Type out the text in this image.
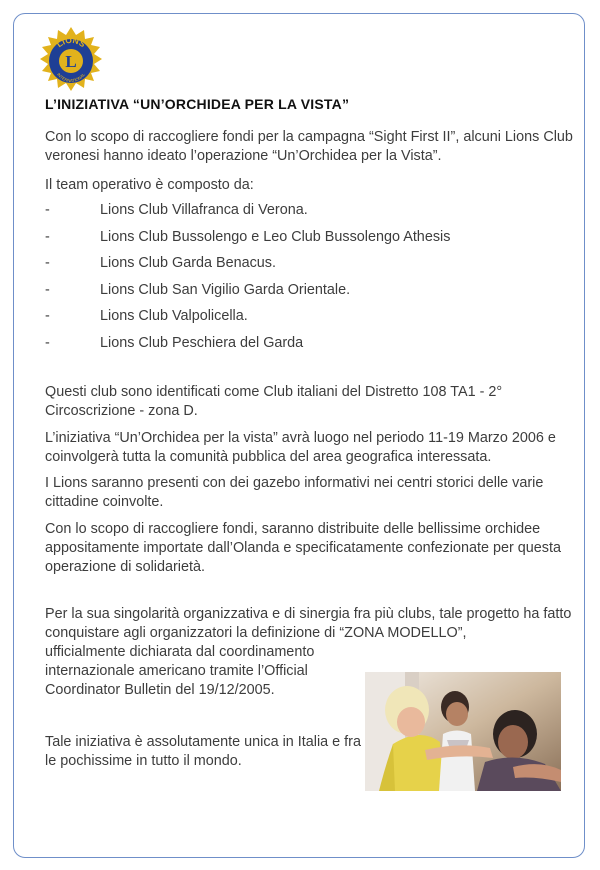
LIONS
INTERNATIONAL
L
L’INIZIATIVA “UN’ORCHIDEA PER LA VISTA”
Con lo scopo di raccogliere fondi per la campagna “Sight First II”, alcuni Lions Club veronesi hanno ideato l’operazione “Un’Orchidea per la Vista”.
Il team operativo è composto da:
-	Lions Club Villafranca di Verona.
-	Lions Club Bussolengo e Leo Club Bussolengo Athesis
-	Lions Club Garda Benacus.
-	Lions Club San Vigilio Garda Orientale.
-	Lions Club Valpolicella.
-	Lions Club Peschiera del Garda
Questi club sono identificati come Club italiani del Distretto 108 TA1 - 2° Circoscrizione - zona D.
L’iniziativa “Un’Orchidea per la vista” avrà luogo nel periodo 11-19 Marzo 2006 e coinvolgerà tutta la comunità pubblica del area geografica interessata.
I Lions saranno presenti con dei gazebo informativi nei centri storici delle varie cittadine coinvolte.
Con lo scopo di raccogliere fondi, saranno distribuite delle bellissime orchidee appositamente importate dall’Olanda e specificatamente confezionate per questa operazione di solidarietà.
Per la sua singolarità organizzativa e di sinergia fra più clubs, tale progetto ha fatto conquistare agli organizzatori la definizione di “ZONA MODELLO”,
ufficialmente dichiarata dal coordinamento internazionale americano tramite l’Official Coordinator Bulletin del 19/12/2005.
Tale iniziativa è assolutamente unica in Italia e fra le pochissime in tutto il mondo.
